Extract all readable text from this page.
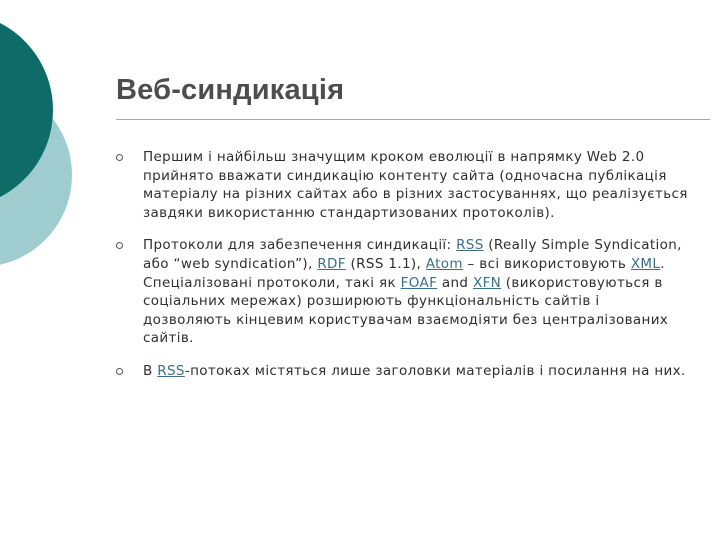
Веб-синдикація
Першим і найбільш значущим кроком еволюції в напрямку Web 2.0 прийнято вважати синдикацію контенту сайта (одночасна публікація матеріалу на різних сайтах або в різних застосуваннях, що реалізується завдяки використанню стандартизованих протоколів).
Протоколи для забезпечення синдикації: RSS (Really Simple Syndication, або “web syndication”), RDF (RSS 1.1), Atom – всі використовують XML. Спеціалізовані протоколи, такі як FOAF and XFN (використовуються в соціальних мережах) розширюють функціональність сайтів і дозволяють кінцевим користувачам взаємодіяти без централізованих сайтів.
В RSS-потоках містяться лише заголовки матеріалів і посилання на них.
